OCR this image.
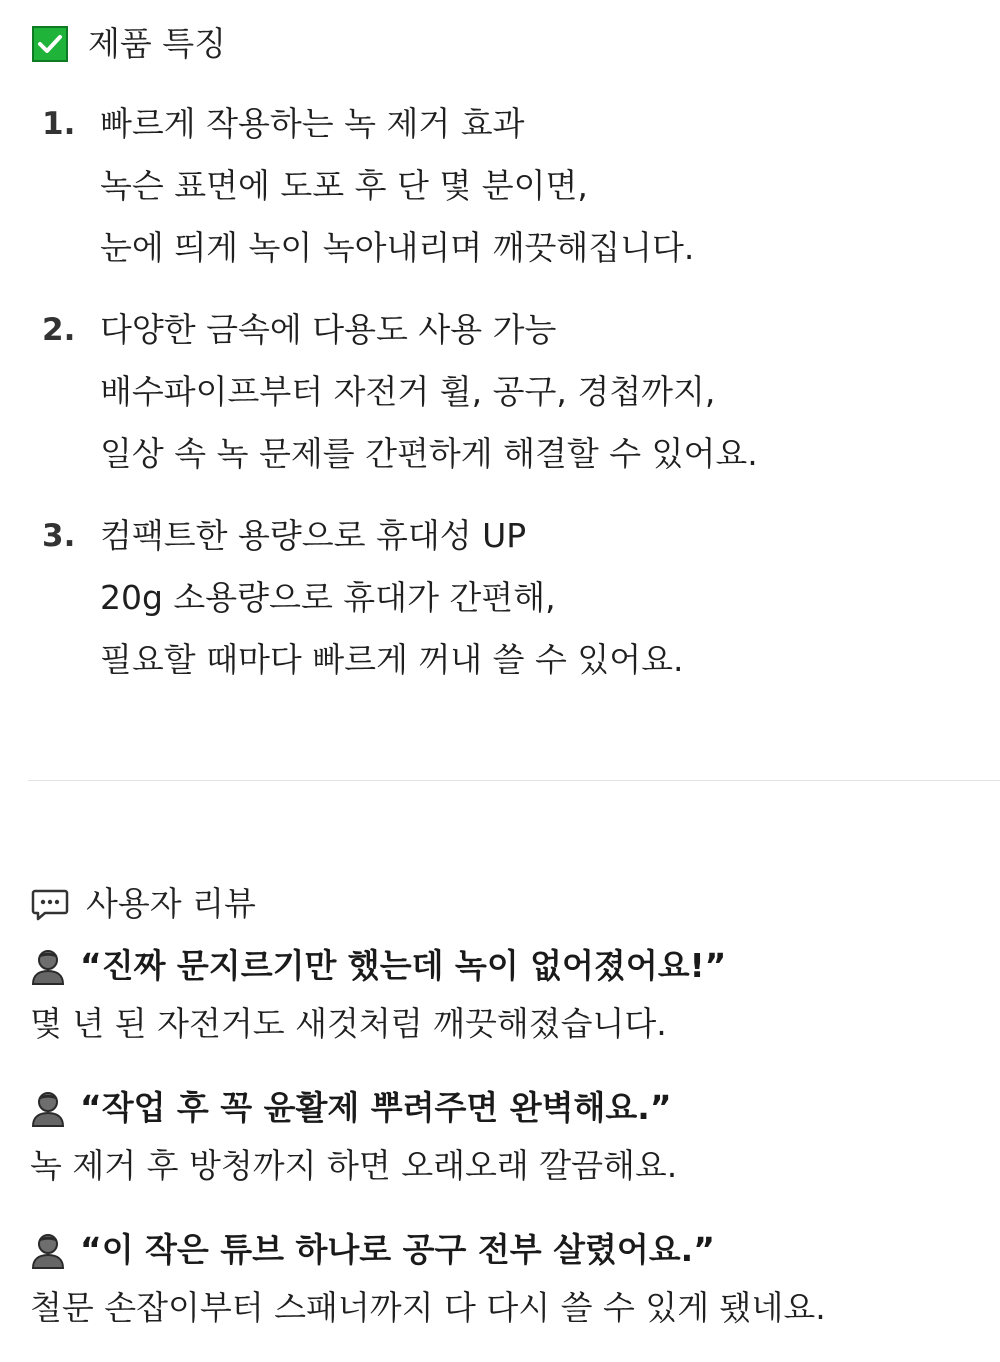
제품 특징
1. 빠르게 작용하는 녹 제거 효과
녹슨 표면에 도포 후 단 몇 분이면,
눈에 띄게 녹이 녹아내리며 깨끗해집니다.
2. 다양한 금속에 다용도 사용 가능
배수파이프부터 자전거 휠, 공구, 경첩까지,
일상 속 녹 문제를 간편하게 해결할 수 있어요.
3. 컴팩트한 용량으로 휴대성 UP
20g 소용량으로 휴대가 간편해,
필요할 때마다 빠르게 꺼내 쓸 수 있어요.
사용자 리뷰
“진짜 문지르기만 했는데 녹이 없어졌어요!”
몇 년 된 자전거도 새것처럼 깨끗해졌습니다.
“작업 후 꼭 윤활제 뿌려주면 완벽해요.”
녹 제거 후 방청까지 하면 오래오래 깔끔해요.
“이 작은 튜브 하나로 공구 전부 살렸어요.”
철문 손잡이부터 스패너까지 다 다시 쓸 수 있게 됐네요.
